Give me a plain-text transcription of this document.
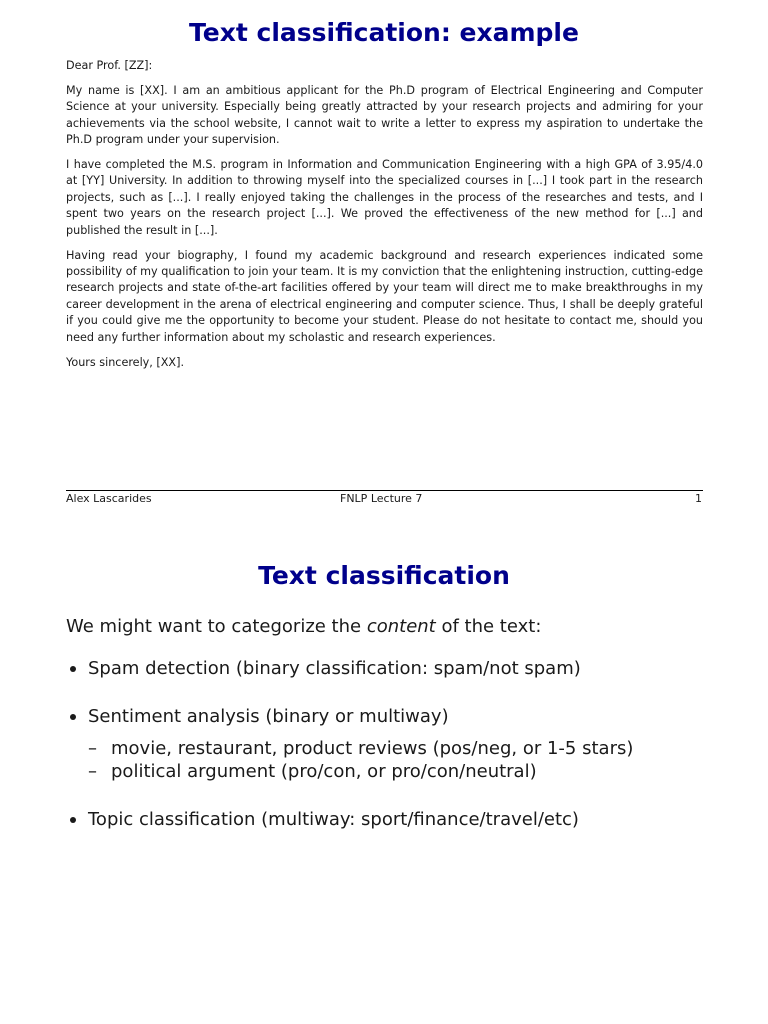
Text classification: example

Dear Prof. [ZZ]:

My name is [XX]. I am an ambitious applicant for the Ph.D program of Electrical Engineering and Computer Science at your university. Especially being greatly attracted by your research projects and admiring for your achievements via the school website, I cannot wait to write a letter to express my aspiration to undertake the Ph.D program under your supervision.

I have completed the M.S. program in Information and Communication Engineering with a high GPA of 3.95/4.0 at [YY] University. In addition to throwing myself into the specialized courses in [...] I took part in the research projects, such as [...]. I really enjoyed taking the challenges in the process of the researches and tests, and I spent two years on the research project [...]. We proved the effectiveness of the new method for [...] and published the result in [...].

Having read your biography, I found my academic background and research experiences indicated some possibility of my qualification to join your team. It is my conviction that the enlightening instruction, cutting-edge research projects and state of-the-art facilities offered by your team will direct me to make breakthroughs in my career development in the arena of electrical engineering and computer science. Thus, I shall be deeply grateful if you could give me the opportunity to become your student. Please do not hesitate to contact me, should you need any further information about my scholastic and research experiences.

Yours sincerely, [XX].

Alex Lascarides	FNLP Lecture 7	1
Text classification
We might want to categorize the content of the text:
Spam detection (binary classification: spam/not spam)
Sentiment analysis (binary or multiway)
– movie, restaurant, product reviews (pos/neg, or 1-5 stars)
– political argument (pro/con, or pro/con/neutral)
Topic classification (multiway: sport/finance/travel/etc)
